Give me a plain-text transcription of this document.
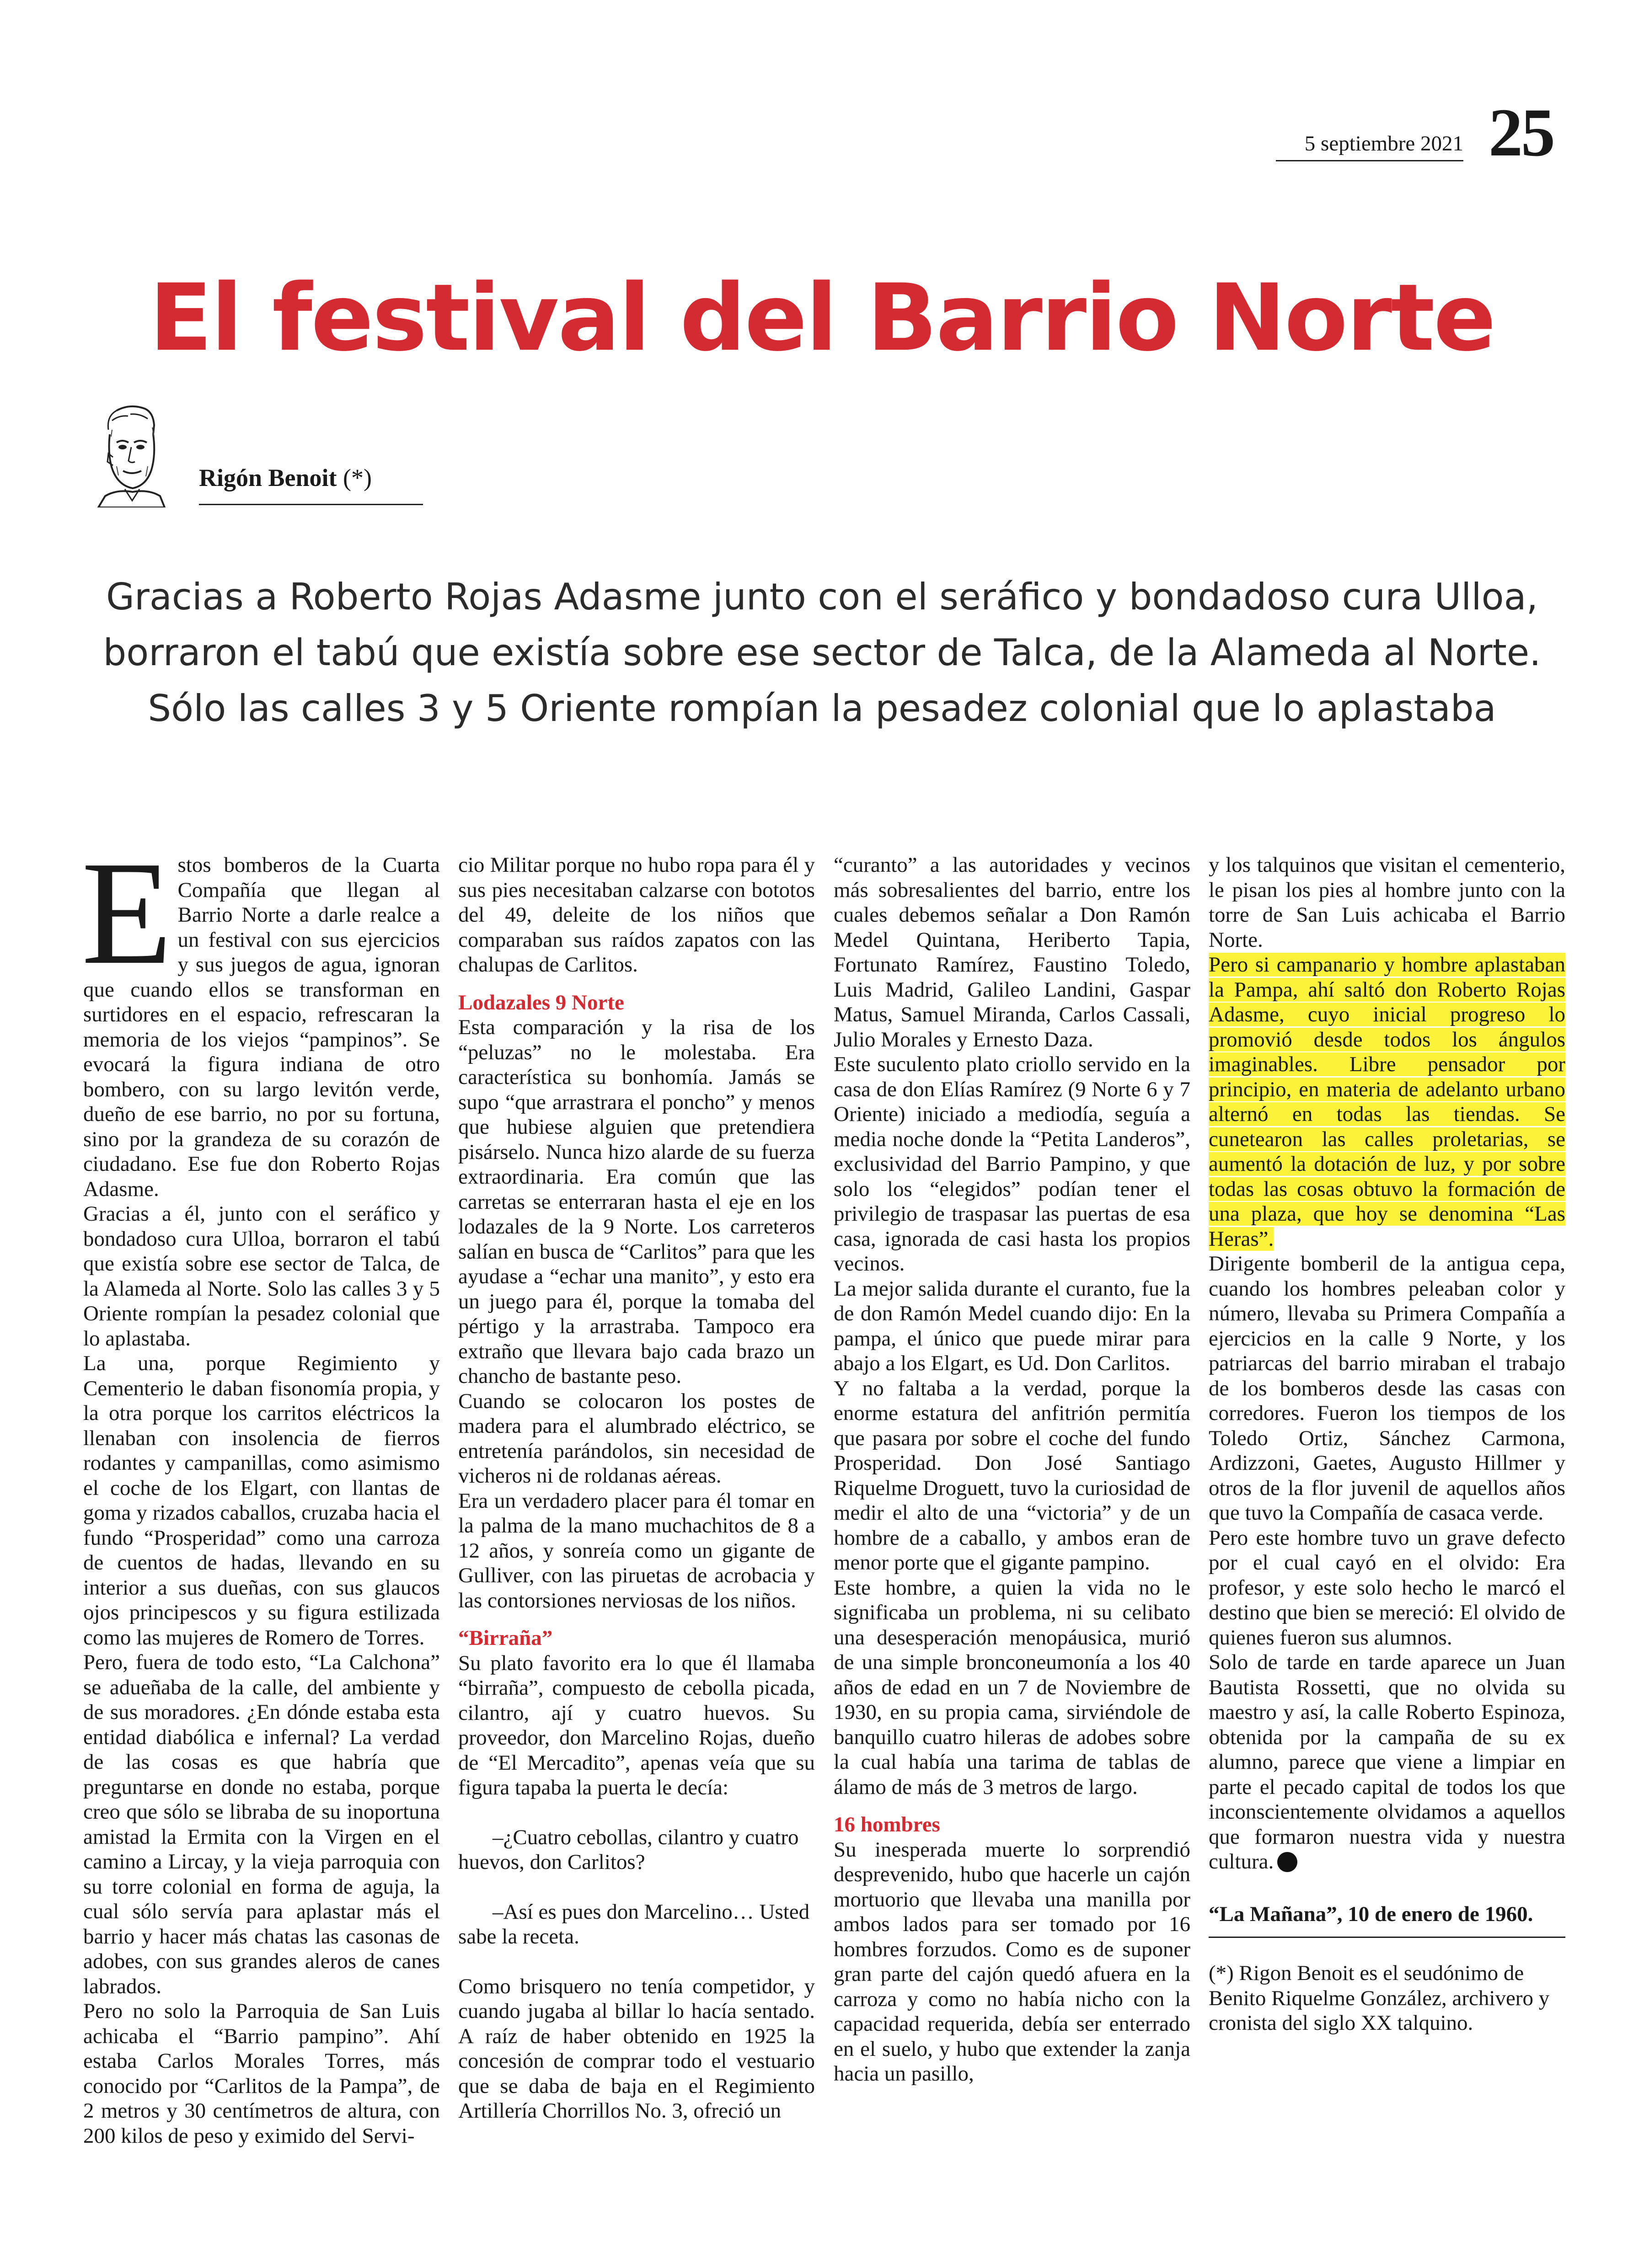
5 septiembre 2021 25
El festival del Barrio Norte
Rigón Benoit (*)

Gracias a Roberto Rojas Adasme junto con el seráfico y bondadoso cura Ulloa, borraron el tabú que existía sobre ese sector de Talca, de la Alameda al Norte. Sólo las calles 3 y 5 Oriente rompían la pesadez colonial que lo aplastaba

E stos bomberos de la Cuarta Compañía que llegan al Barrio Norte a darle realce a un festival con sus ejercicios y sus juegos de agua, ignoran que cuando ellos se transforman en surtidores en el espacio, refrescaran la memoria de los viejos “pampinos”. Se evocará la figura indiana de otro bombero, con su largo levitón verde, dueño de ese barrio, no por su fortuna, sino por la grandeza de su corazón de ciudadano. Ese fue don Roberto Rojas Adasme.

Gracias a él, junto con el seráfico y bondadoso cura Ulloa, borraron el tabú que existía sobre ese sector de Talca, de la Alameda al Norte. Solo las calles 3 y 5 Oriente rompían la pesadez colonial que lo aplastaba.

La una, porque Regimiento y Cementerio le daban fisonomía propia, y la otra porque los carritos eléctricos la llenaban con insolencia de fierros rodantes y campanillas, como asimismo el coche de los Elgart, con llantas de goma y rizados caballos, cruzaba hacia el fundo “Prosperidad” como una carroza de cuentos de hadas, llevando en su interior a sus dueñas, con sus glaucos ojos principescos y su figura estilizada como las mujeres de Romero de Torres.

Pero, fuera de todo esto, “La Calchona” se adueñaba de la calle, del ambiente y de sus moradores. ¿En dónde estaba esta entidad diabólica e infernal? La verdad de las cosas es que habría que preguntarse en donde no estaba, porque creo que sólo se libraba de su inoportuna amistad la Ermita con la Virgen en el camino a Lircay, y la vieja parroquia con su torre colonial en forma de aguja, la cual sólo servía para aplastar más el barrio y hacer más chatas las casonas de adobes, con sus grandes aleros de canes labrados.

Pero no solo la Parroquia de San Luis achicaba el “Barrio pampino”. Ahí estaba Carlos Morales Torres, más conocido por “Carlitos de la Pampa”, de 2 metros y 30 centímetros de altura, con 200 kilos de peso y eximido del Servi-

cio Militar porque no hubo ropa para él y sus pies necesitaban calzarse con bototos del 49, deleite de los niños que comparaban sus raídos zapatos con las chalupas de Carlitos.

Lodazales 9 Norte

Esta comparación y la risa de los “peluzas” no le molestaba. Era característica su bonhomía. Jamás se supo “que arrastrara el poncho” y menos que hubiese alguien que pretendiera pisárselo. Nunca hizo alarde de su fuerza extraordinaria. Era común que las carretas se enterraran hasta el eje en los lodazales de la 9 Norte. Los carreteros salían en busca de “Carlitos” para que les ayudase a “echar una manito”, y esto era un juego para él, porque la tomaba del pértigo y la arrastraba. Tampoco era extraño que llevara bajo cada brazo un chancho de bastante peso.

Cuando se colocaron los postes de madera para el alumbrado eléctrico, se entretenía parándolos, sin necesidad de vicheros ni de roldanas aéreas.

Era un verdadero placer para él tomar en la palma de la mano muchachitos de 8 a 12 años, y sonreía como un gigante de Gulliver, con las piruetas de acrobacia y las contorsiones nerviosas de los niños.

“Birraña”

Su plato favorito era lo que él llamaba “birraña”, compuesto de cebolla picada, cilantro, ají y cuatro huevos. Su proveedor, don Marcelino Rojas, dueño de “El Mercadito”, apenas veía que su figura tapaba la puerta le decía:

–¿Cuatro cebollas, cilantro y cuatro huevos, don Carlitos?

–Así es pues don Marcelino… Usted sabe la receta.

Como brisquero no tenía competidor, y cuando jugaba al billar lo hacía sentado. A raíz de haber obtenido en 1925 la concesión de comprar todo el vestuario que se daba de baja en el Regimiento Artillería Chorrillos No. 3, ofreció un

“curanto” a las autoridades y vecinos más sobresalientes del barrio, entre los cuales debemos señalar a Don Ramón Medel Quintana, Heriberto Tapia, Fortunato Ramírez, Faustino Toledo, Luis Madrid, Galileo Landini, Gaspar Matus, Samuel Miranda, Carlos Cassali, Julio Morales y Ernesto Daza.

Este suculento plato criollo servido en la casa de don Elías Ramírez (9 Norte 6 y 7 Oriente) iniciado a mediodía, seguía a media noche donde la “Petita Landeros”, exclusividad del Barrio Pampino, y que solo los “elegidos” podían tener el privilegio de traspasar las puertas de esa casa, ignorada de casi hasta los propios vecinos.

La mejor salida durante el curanto, fue la de don Ramón Medel cuando dijo: En la pampa, el único que puede mirar para abajo a los Elgart, es Ud. Don Carlitos.

Y no faltaba a la verdad, porque la enorme estatura del anfitrión permitía que pasara por sobre el coche del fundo Prosperidad. Don José Santiago Riquelme Droguett, tuvo la curiosidad de medir el alto de una “victoria” y de un hombre de a caballo, y ambos eran de menor porte que el gigante pampino.

Este hombre, a quien la vida no le significaba un problema, ni su celibato una desesperación menopáusica, murió de una simple bronconeumonía a los 40 años de edad en un 7 de Noviembre de 1930, en su propia cama, sirviéndole de banquillo cuatro hileras de adobes sobre la cual había una tarima de tablas de álamo de más de 3 metros de largo.

16 hombres

Su inesperada muerte lo sorprendió desprevenido, hubo que hacerle un cajón mortuorio que llevaba una manilla por ambos lados para ser tomado por 16 hombres forzudos. Como es de suponer gran parte del cajón quedó afuera en la carroza y como no había nicho con la capacidad requerida, debía ser enterrado en el suelo, y hubo que extender la zanja hacia un pasillo,

y los talquinos que visitan el cementerio, le pisan los pies al hombre junto con la torre de San Luis achicaba el Barrio Norte.

Pero si campanario y hombre aplastaban la Pampa, ahí saltó don Roberto Rojas Adasme, cuyo inicial progreso lo promovió desde todos los ángulos imaginables. Libre pensador por principio, en materia de adelanto urbano alternó en todas las tiendas. Se cunetearon las calles proletarias, se aumentó la dotación de luz, y por sobre todas las cosas obtuvo la formación de una plaza, que hoy se denomina “Las Heras”.

Dirigente bomberil de la antigua cepa, cuando los hombres peleaban color y número, llevaba su Primera Compañía a ejercicios en la calle 9 Norte, y los patriarcas del barrio miraban el trabajo de los bomberos desde las casas con corredores. Fueron los tiempos de los Toledo Ortiz, Sánchez Carmona, Ardizzoni, Gaetes, Augusto Hillmer y otros de la flor juvenil de aquellos años que tuvo la Compañía de casaca verde.

Pero este hombre tuvo un grave defecto por el cual cayó en el olvido: Era profesor, y este solo hecho le marcó el destino que bien se mereció: El olvido de quienes fueron sus alumnos.

Solo de tarde en tarde aparece un Juan Bautista Rossetti, que no olvida su maestro y así, la calle Roberto Espinoza, obtenida por la campaña de su ex alumno, parece que viene a limpiar en parte el pecado capital de todos los que inconscientemente olvidamos a aquellos que formaron nuestra vida y nuestra cultura.

“La Mañana”, 10 de enero de 1960.

(*) Rigon Benoit es el seudónimo de Benito Riquelme González, archivero y cronista del siglo XX talquino.
